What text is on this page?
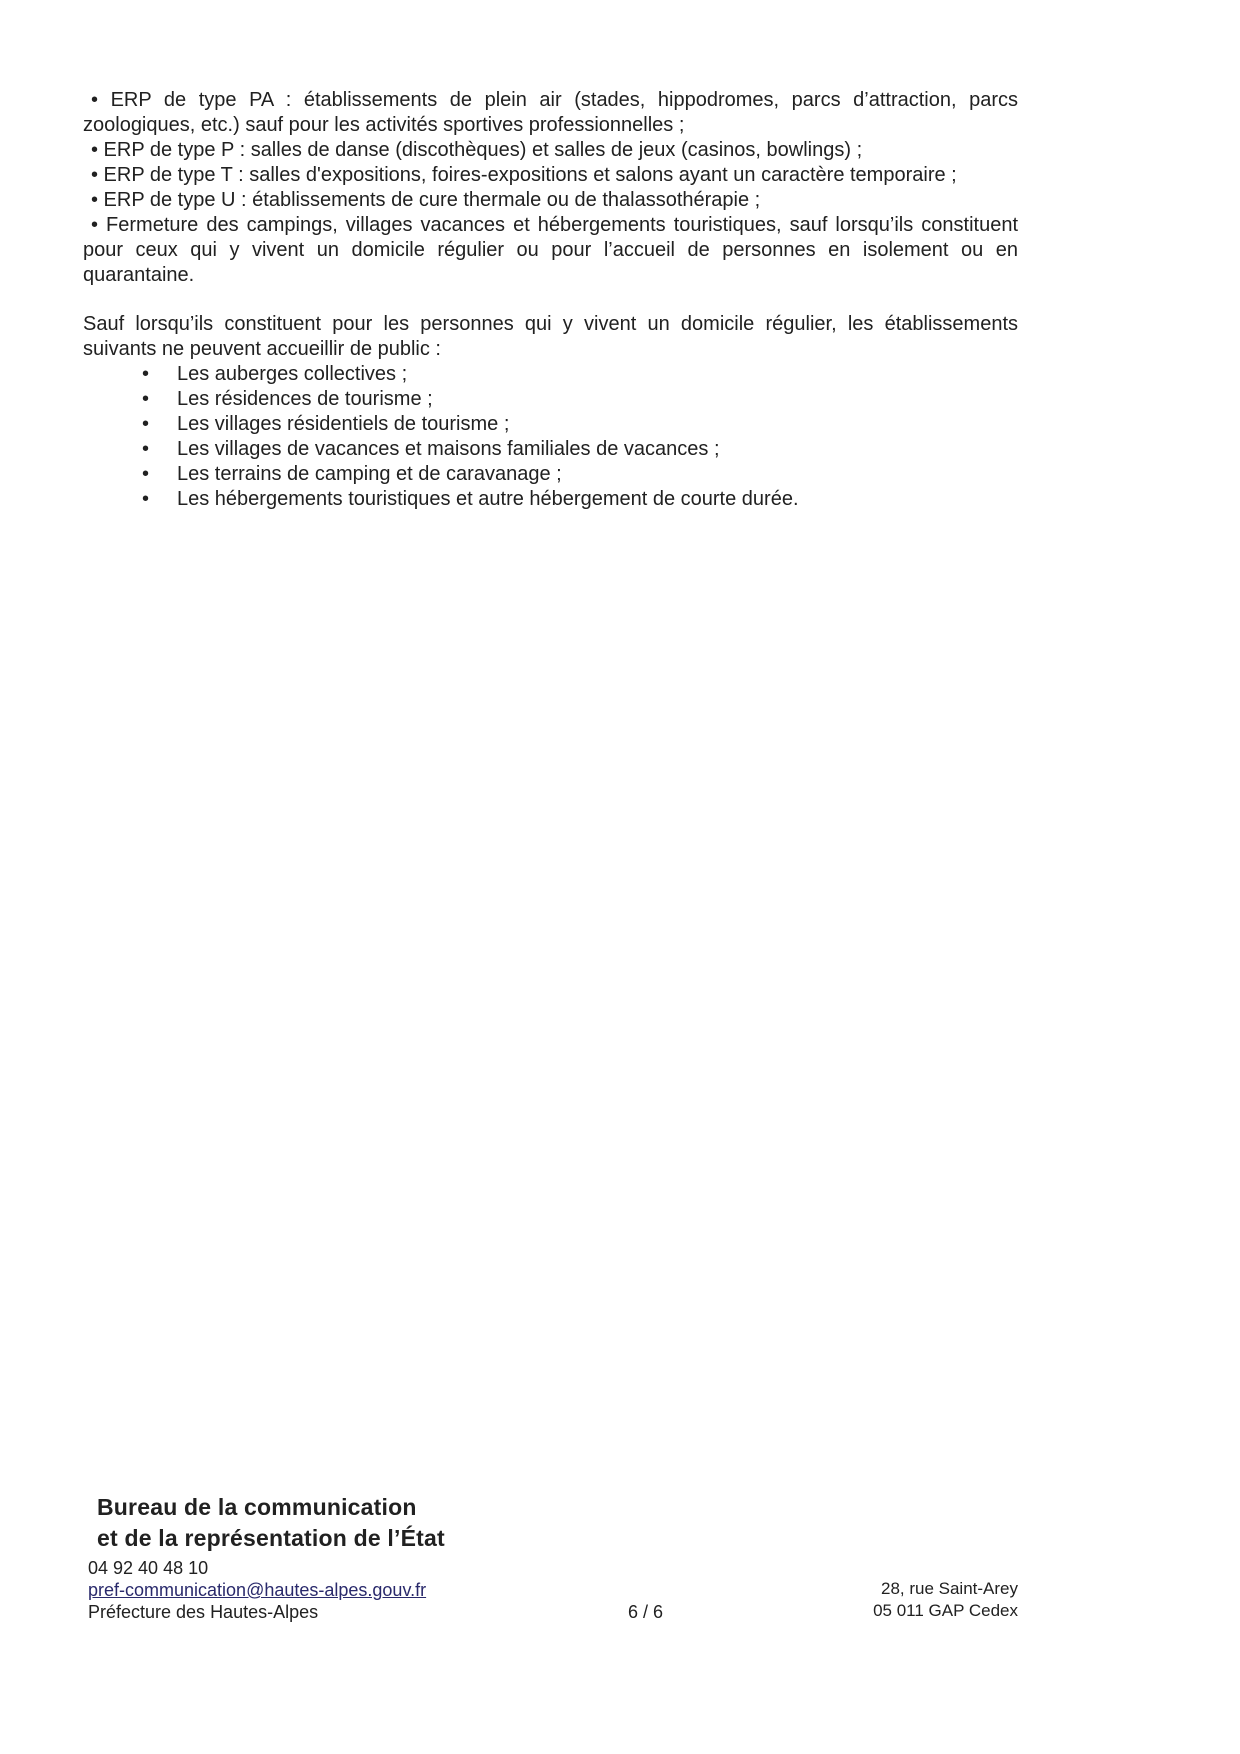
• ERP de type PA : établissements de plein air (stades, hippodromes, parcs d’attraction, parcs zoologiques, etc.) sauf pour les activités sportives professionnelles ;

• ERP de type P : salles de danse (discothèques) et salles de jeux (casinos, bowlings) ;

• ERP de type T : salles d'expositions, foires-expositions et salons ayant un caractère temporaire ;

• ERP de type U : établissements de cure thermale ou de thalassothérapie ;

• Fermeture des campings, villages vacances et hébergements touristiques, sauf lorsqu’ils constituent pour ceux qui y vivent un domicile régulier ou pour l’accueil de personnes en isolement ou en quarantaine.

Sauf lorsqu’ils constituent pour les personnes qui y vivent un domicile régulier, les établissements suivants ne peuvent accueillir de public :

•	Les auberges collectives ;
•	Les résidences de tourisme ;
•	Les villages résidentiels de tourisme ;
•	Les villages de vacances et maisons familiales de vacances ;
•	Les terrains de camping et de caravanage ;
•	Les hébergements touristiques et autre hébergement de courte durée.
Bureau de la communication
et de la représentation de l’État
04 92 40 48 10
pref-communication@hautes-alpes.gouv.fr
Préfecture des Hautes-Alpes	6 / 6
28, rue Saint-Arey
05 011 GAP Cedex
